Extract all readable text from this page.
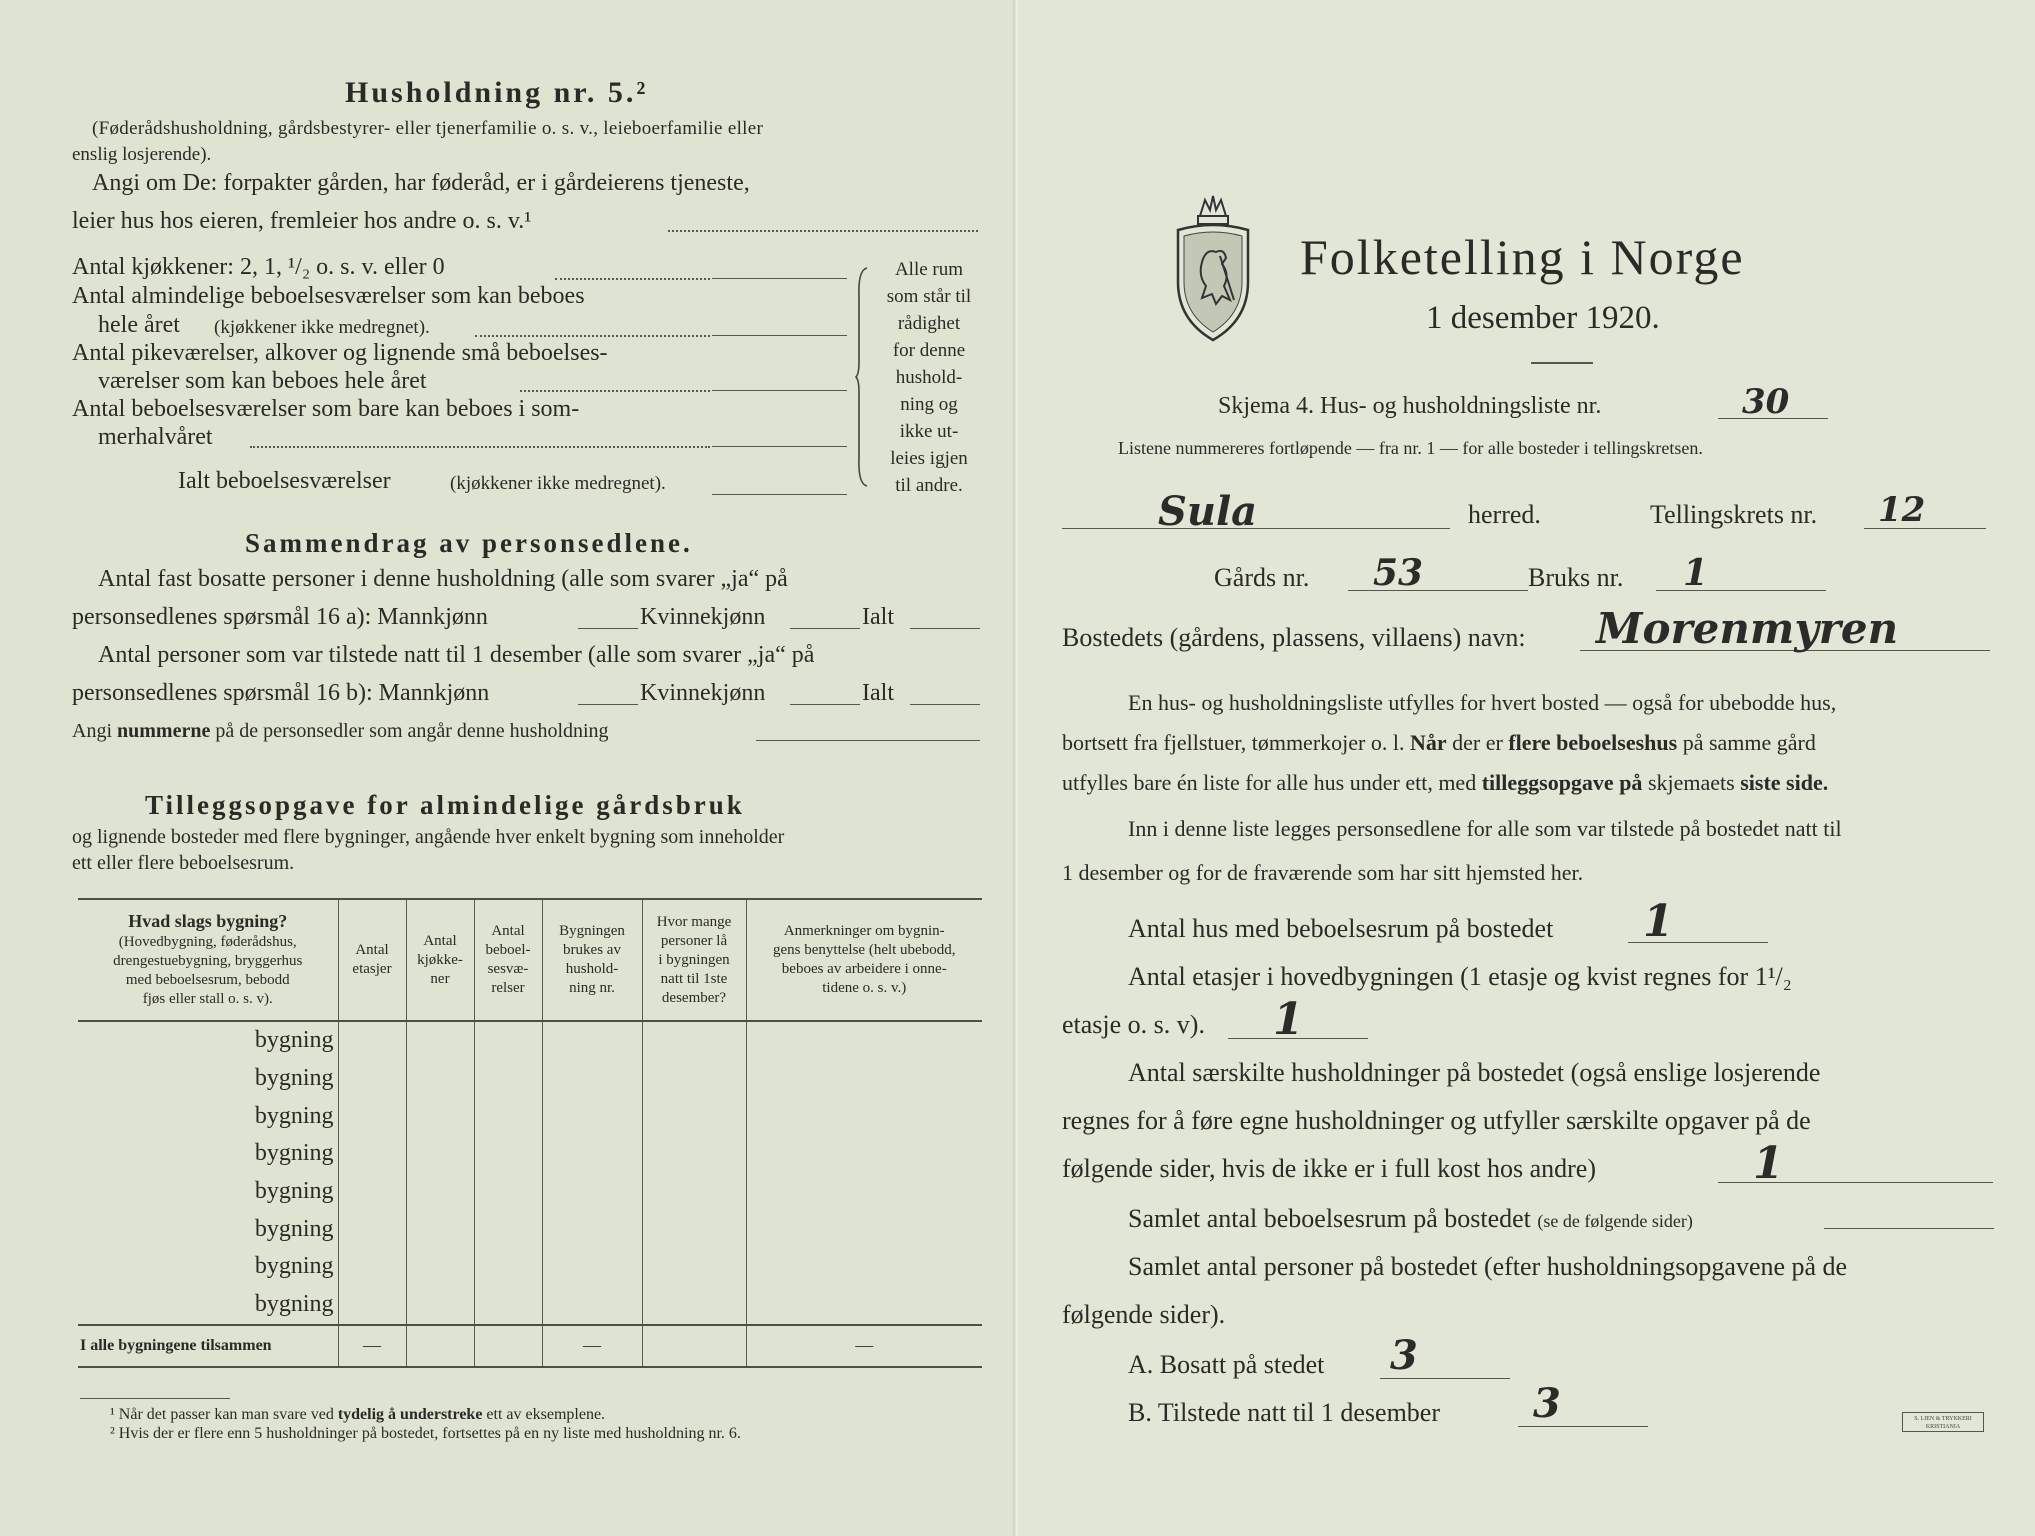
Husholdning nr. 5.²
(Føderådshusholdning, gårdsbestyrer- eller tjenerfamilie o. s. v., leieboerfamilie eller
enslig losjerende).
Angi om De: forpakter gården, har føderåd, er i gårdeierens tjeneste,
leier hus hos eieren, fremleier hos andre o. s. v.¹
Antal kjøkkener: 2, 1, ¹/₂ o. s. v. eller 0
Antal almindelige beboelsesværelser som kan beboes
hele året (kjøkkener ikke medregnet).
Antal pikeværelser, alkover og lignende små beboelses-
værelser som kan beboes hele året
Antal beboelsesværelser som bare kan beboes i som-
merhalvåret
Ialt beboelsesværelser	(kjøkkener ikke medregnet).
Alle rum
som står til
rådighet
for denne
hushold-
ning og
ikke ut-
leies igjen
til andre.
Sammendrag av personsedlene.
Antal fast bosatte personer i denne husholdning (alle som svarer „ja“ på
personsedlenes spørsmål 16 a): Mannkjønn	Kvinnekjønn	Ialt
Antal personer som var tilstede natt til 1 desember (alle som svarer „ja“ på
personsedlenes spørsmål 16 b): Mannkjønn	Kvinnekjønn	Ialt
Angi nummerne på de personsedler som angår denne husholdning
Tilleggsopgave for almindelige gårdsbruk
og lignende bosteder med flere bygninger, angående hver enkelt bygning som inneholder
ett eller flere beboelsesrum.
Hvad slags bygning?
(Hovedbygning, føderådshus,
drengestuebygning, bryggerhus
med beboelsesrum, bebodd
fjøs eller stall o. s. v).	Antal
etasjer	Antal
kjøkke-
ner	Antal
beboel-
sesvæ-
relser	Bygningen
brukes av
hushold-
ning nr.	Hvor mange
personer lå
i bygningen
natt til 1ste
desember?	Anmerkninger om bygnin-
gens benyttelse (helt ubebodd,
beboes av arbeidere i onne-
tidene o. s. v.)
bygning						
bygning						
bygning						
bygning						
bygning						
bygning						
bygning						
bygning						
I alle bygningene tilsammen	—			—		—
¹ Når det passer kan man svare ved tydelig å understreke ett av eksemplene.
² Hvis der er flere enn 5 husholdninger på bostedet, fortsettes på en ny liste med husholdning nr. 6.
Folketelling i Norge
1 desember 1920.
Skjema 4. Hus- og husholdningsliste nr.	30
Listene nummereres fortløpende — fra nr. 1 — for alle bosteder i tellingskretsen.
Sula	herred.	Tellingskrets nr. 12
Gårds nr. 53	Bruks nr. 1
Bostedets (gårdens, plassens, villaens) navn: Morenmyren
En hus- og husholdningsliste utfylles for hvert bosted — også for ubebodde hus,
bortsett fra fjellstuer, tømmerkojer o. l. Når der er flere beboelseshus på samme gård
utfylles bare én liste for alle hus under ett, med tilleggsopgave på skjemaets siste side.
Inn i denne liste legges personsedlene for alle som var tilstede på bostedet natt til
1 desember og for de fraværende som har sitt hjemsted her.
Antal hus med beboelsesrum på bostedet 1
Antal etasjer i hovedbygningen (1 etasje og kvist regnes for 1¹/₂
etasje o. s. v). 1
Antal særskilte husholdninger på bostedet (også enslige losjerende
regnes for å føre egne husholdninger og utfyller særskilte opgaver på de
følgende sider, hvis de ikke er i full kost hos andre)	1
Samlet antal beboelsesrum på bostedet (se de følgende sider)
Samlet antal personer på bostedet (efter husholdningsopgavene på de
følgende sider).
A. Bosatt på stedet 3
B. Tilstede natt til 1 desember 3	S. LIEN & TRYKKERI KRISTIANIA
